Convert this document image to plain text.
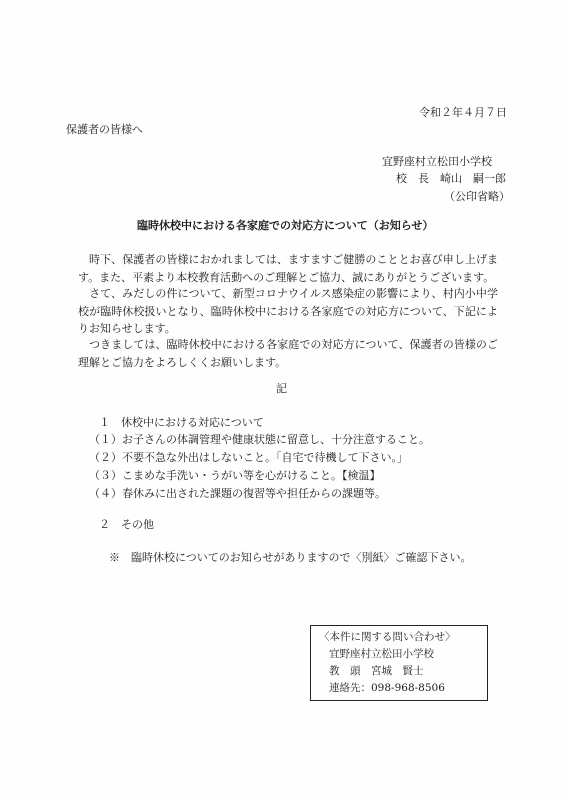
令和２年４月７日

保護者の皆様へ

宜野座村立松田小学校

校　長　崎山　嗣一郎

（公印省略）

臨時休校中における各家庭での対応方について（お知らせ）

　時下、保護者の皆様におかれましては、ますますご健勝のこととお喜び申し上げます。また、平素より本校教育活動へのご理解とご協力、誠にありがとうございます。

　さて、みだしの件について、新型コロナウイルス感染症の影響により、村内小中学校が臨時休校扱いとなり、臨時休校中における各家庭での対応方について、下記によりお知らせします。

　つきましては、臨時休校中における各家庭での対応方について、保護者の皆様のご理解とご協力をよろしくくお願いします。

記

１　休校中における対応について

（１）お子さんの体調管理や健康状態に留意し、十分注意すること。

（２）不要不急な外出はしないこと。「自宅で待機して下さい。」

（３）こまめな手洗い・うがい等を心がけること。【検温】

（４）春休みに出された課題の復習等や担任からの課題等。

２　その他

※　臨時休校についてのお知らせがありますので〈別紙〉ご確認下さい。

〈本件に関する問い合わせ〉

宜野座村立松田小学校

教　頭　宮城　賢士

連絡先：098-968-8506
